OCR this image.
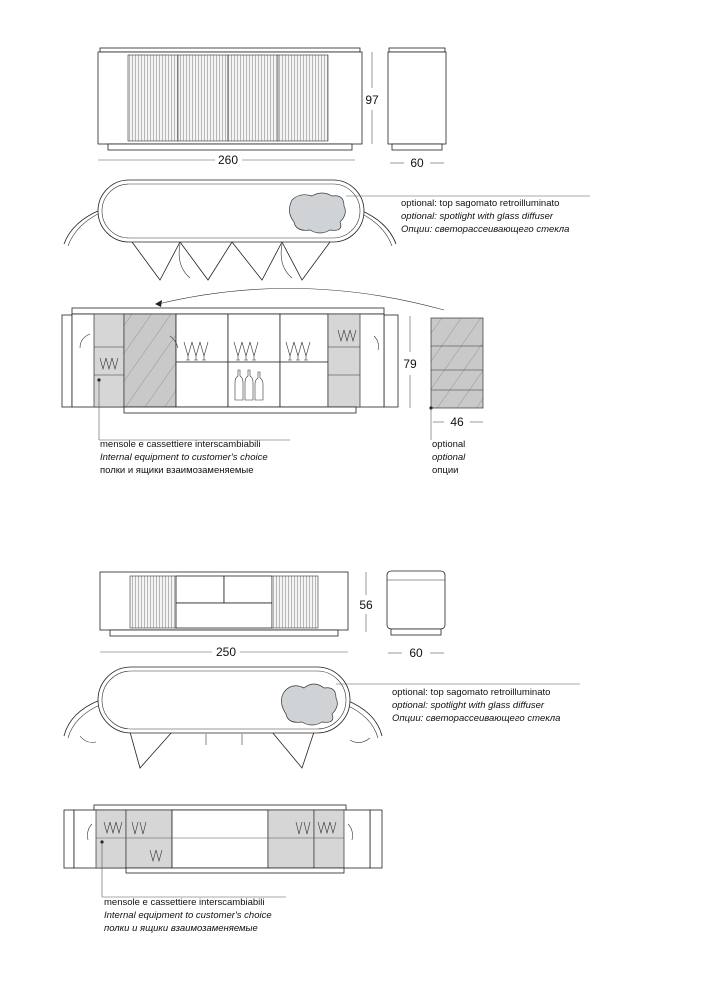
260
97
60
optional: top sagomato retroilluminato
optional: spotlight with glass diffuser
Опции: светорассеивающего стекла
79
mensole e cassettiere interscambiabili
Internal equipment to customer's choice
полки и ящики взаимозаменяемые
46
optional
optional
опции
250
56
60
optional: top sagomato retroilluminato
optional: spotlight with glass diffuser
Опции: светорассеивающего стекла
mensole e cassettiere interscambiabili
Internal equipment to customer's choice
полки и ящики взаимозаменяемые
